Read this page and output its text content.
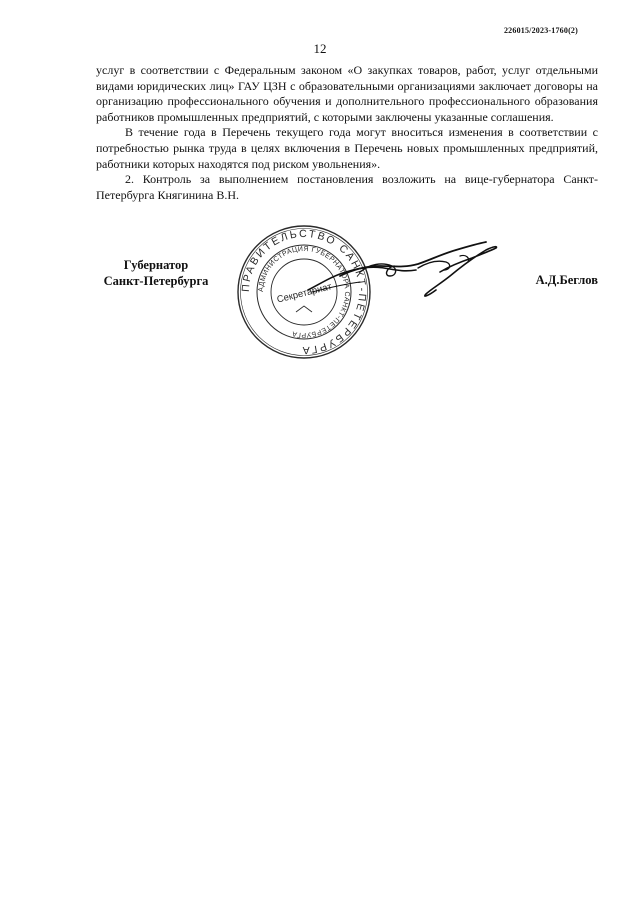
226015/2023-1760(2)
12

услуг в соответствии с Федеральным законом «О закупках товаров, работ, услуг отдельными видами юридических лиц» ГАУ ЦЗН с образовательными организациями заключает договоры на организацию профессионального обучения и дополнительного профессионального образования работников промышленных предприятий, с которыми заключены указанные соглашения.

В течение года в Перечень текущего года могут вноситься изменения в соответствии с потребностью рынка труда в целях включения в Перечень новых промышленных предприятий, работники которых находятся под риском увольнения».

2. Контроль за выполнением постановления возложить на вице-губернатора Санкт-Петербурга Княгинина В.Н.

Губернатор
Санкт-Петербурга	ПРАВИТЕЛЬСТВО САНКТ-ПЕТЕРБУРГА
АДМИНИСТРАЦИЯ ГУБЕРНАТОРА САНКТ-ПЕТЕРБУРГА
Секретариат
А.Д.Беглов
